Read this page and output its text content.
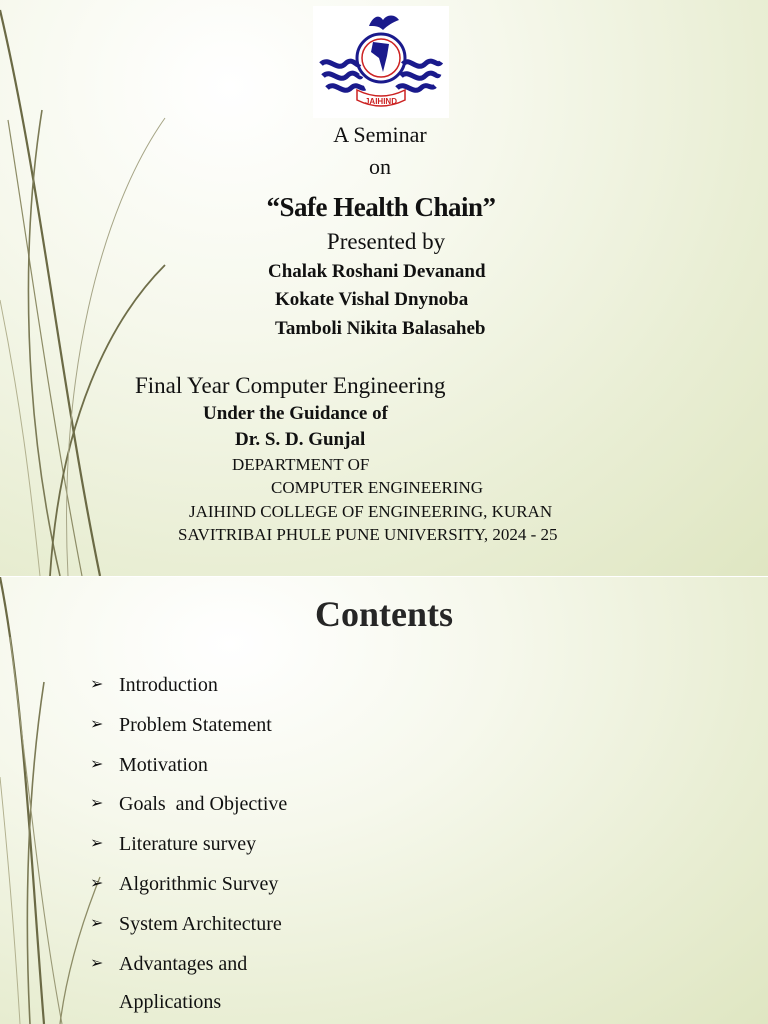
JAIHIND
A Seminar
on
“Safe Health Chain”
Presented by
Chalak Roshani Devanand
Kokate Vishal Dnynoba
Tamboli Nikita Balasaheb
Final Year Computer Engineering
Under the Guidance of
Dr. S. D. Gunjal
DEPARTMENT OF
COMPUTER ENGINEERING
JAIHIND COLLEGE OF ENGINEERING, KURAN
SAVITRIBAI PHULE PUNE UNIVERSITY, 2024 - 25
Contents
➢ Introduction
➢ Problem Statement
➢ Motivation
➢ Goals  and Objective
➢ Literature survey
➢ Algorithmic Survey
➢ System Architecture
➢ Advantages and
Applications
